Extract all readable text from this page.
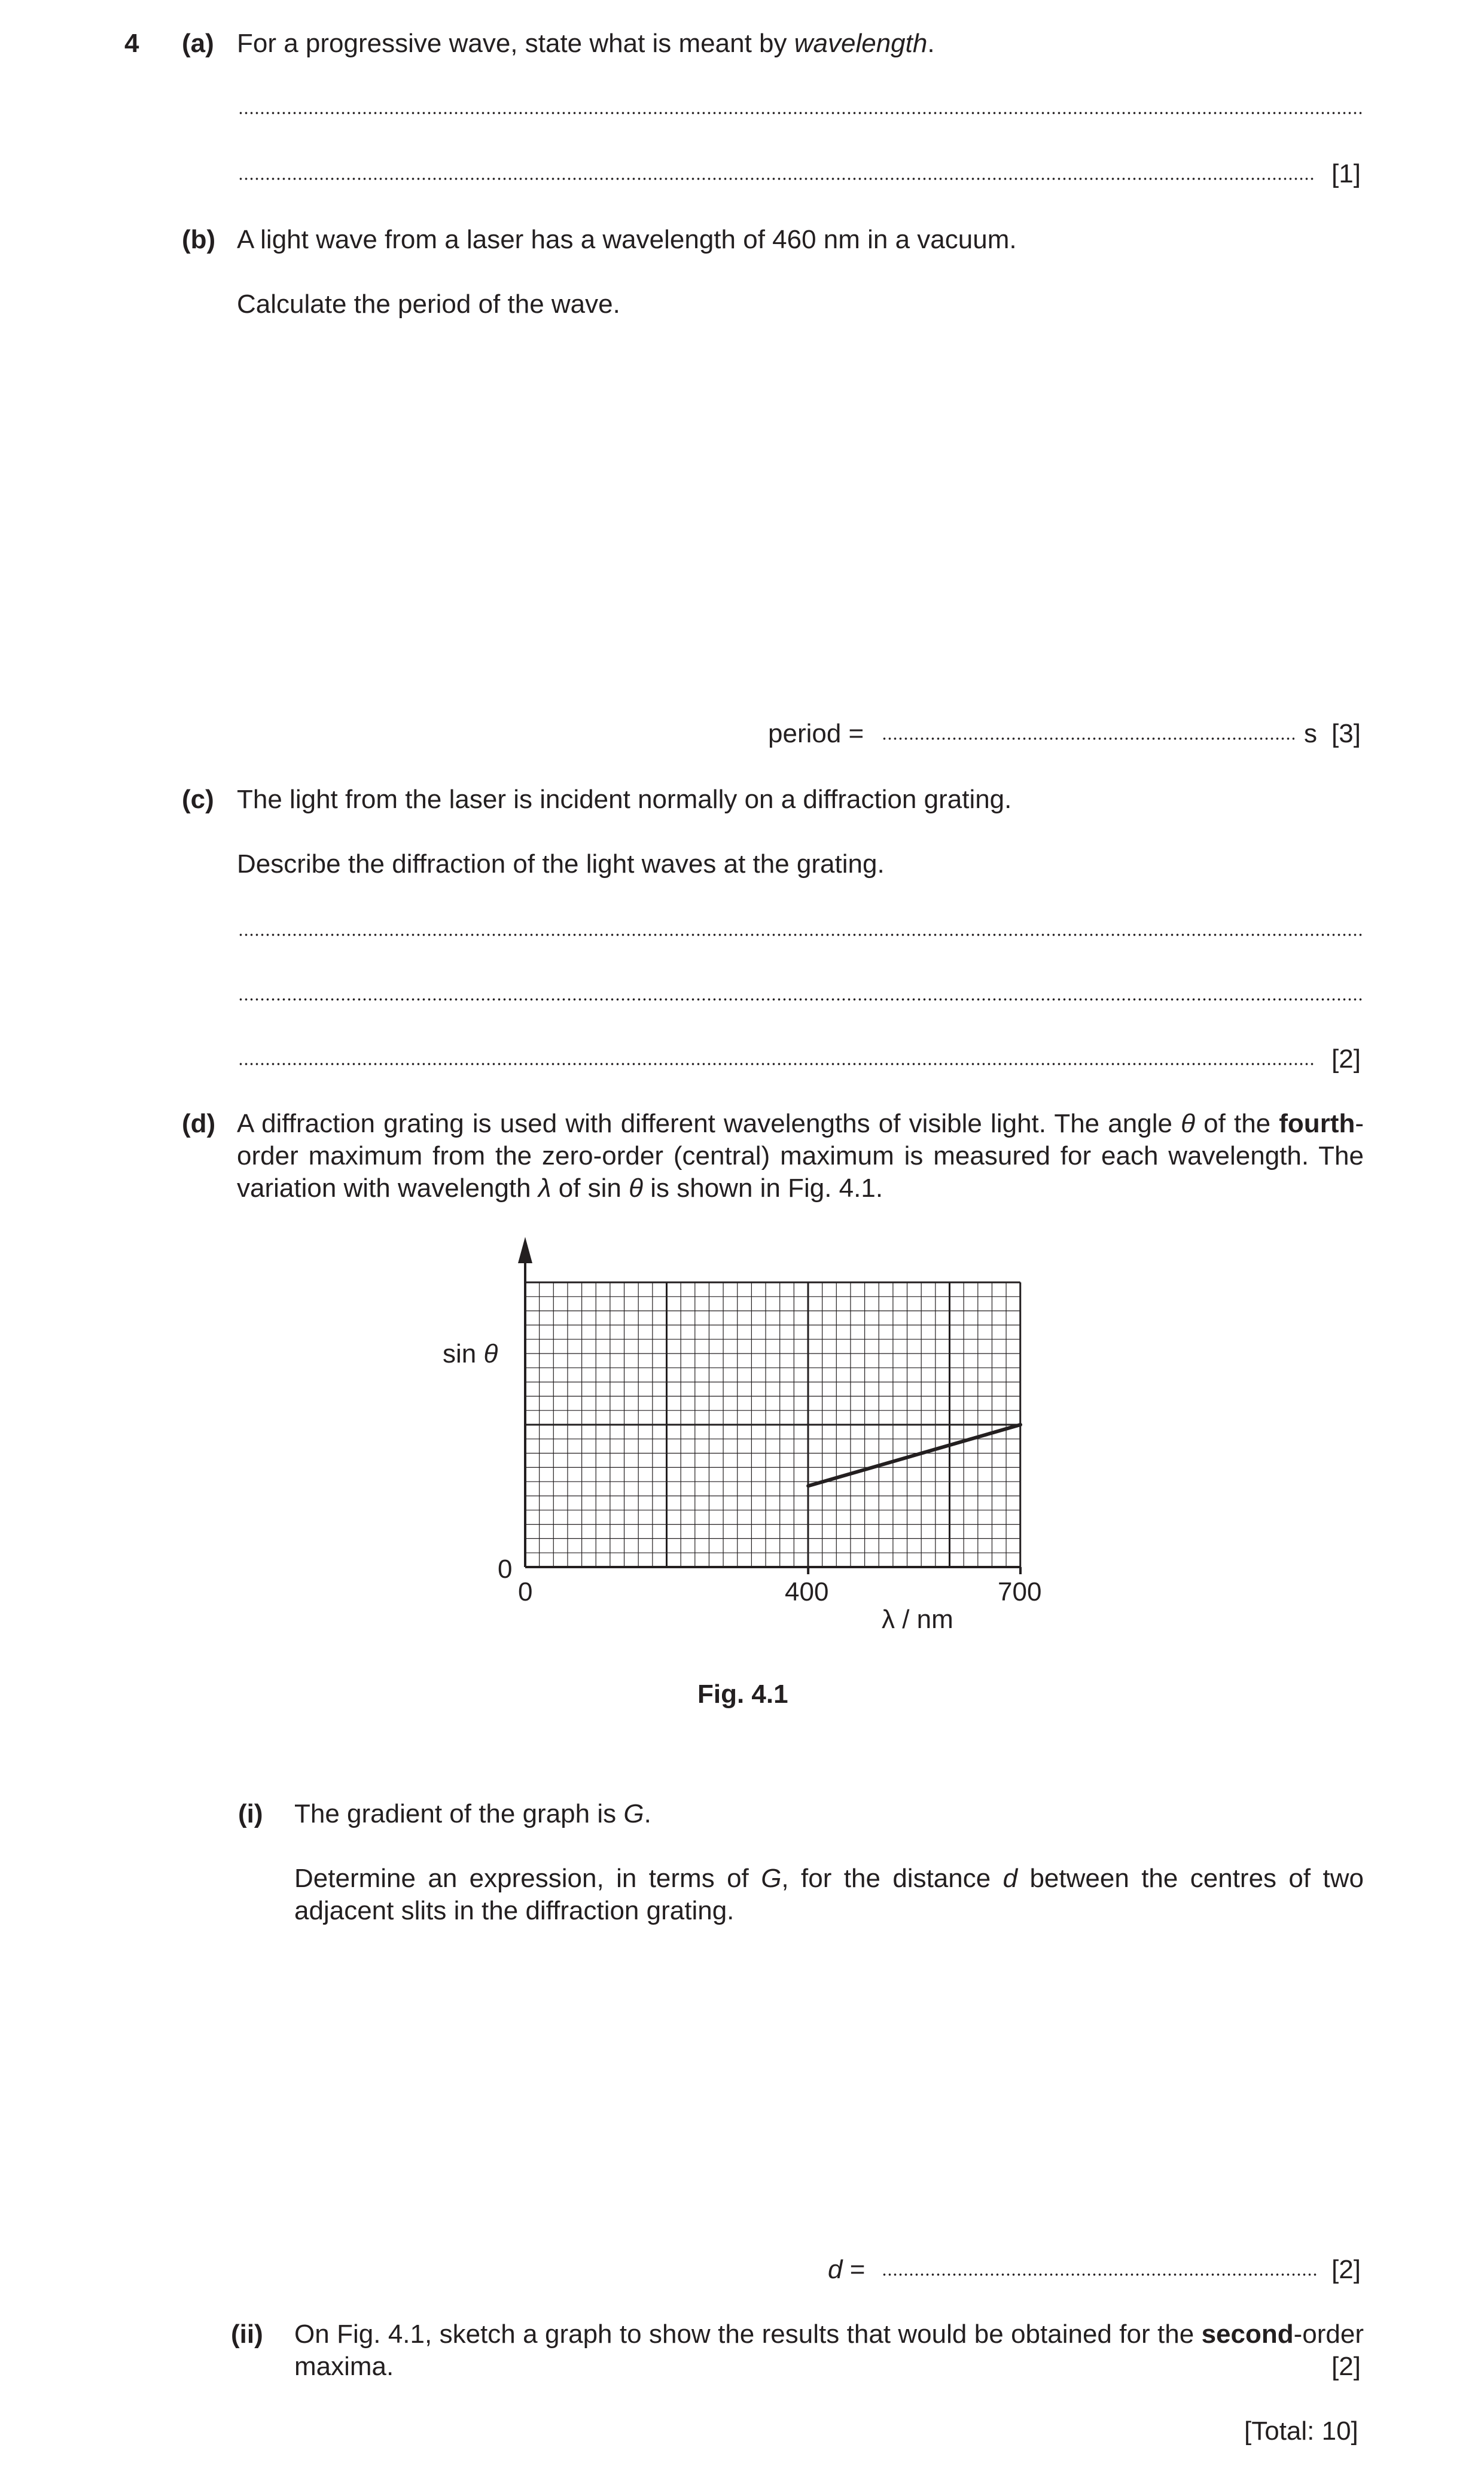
4 (a) For a progressive wave, state what is meant by wavelength.
[1]
(b) A light wave from a laser has a wavelength of 460 nm in a vacuum.
Calculate the period of the wave.
period =	s [3]
(c) The light from the laser is incident normally on a diffraction grating.
Describe the diffraction of the light waves at the grating.
[2]
(d) A diffraction grating is used with different wavelengths of visible light. The angle θ of the fourth-order maximum from the zero-order (central) maximum is measured for each wavelength. The variation with wavelength λ of sin θ is shown in Fig. 4.1.
sin θ
0
0	400	700
λ / nm
Fig. 4.1
(i) The gradient of the graph is G.
Determine an expression, in terms of G, for the distance d between the centres of two adjacent slits in the diffraction grating.
d =	[2]
(ii) On Fig. 4.1, sketch a graph to show the results that would be obtained for the second-order maxima.	[2]
[Total: 10]
